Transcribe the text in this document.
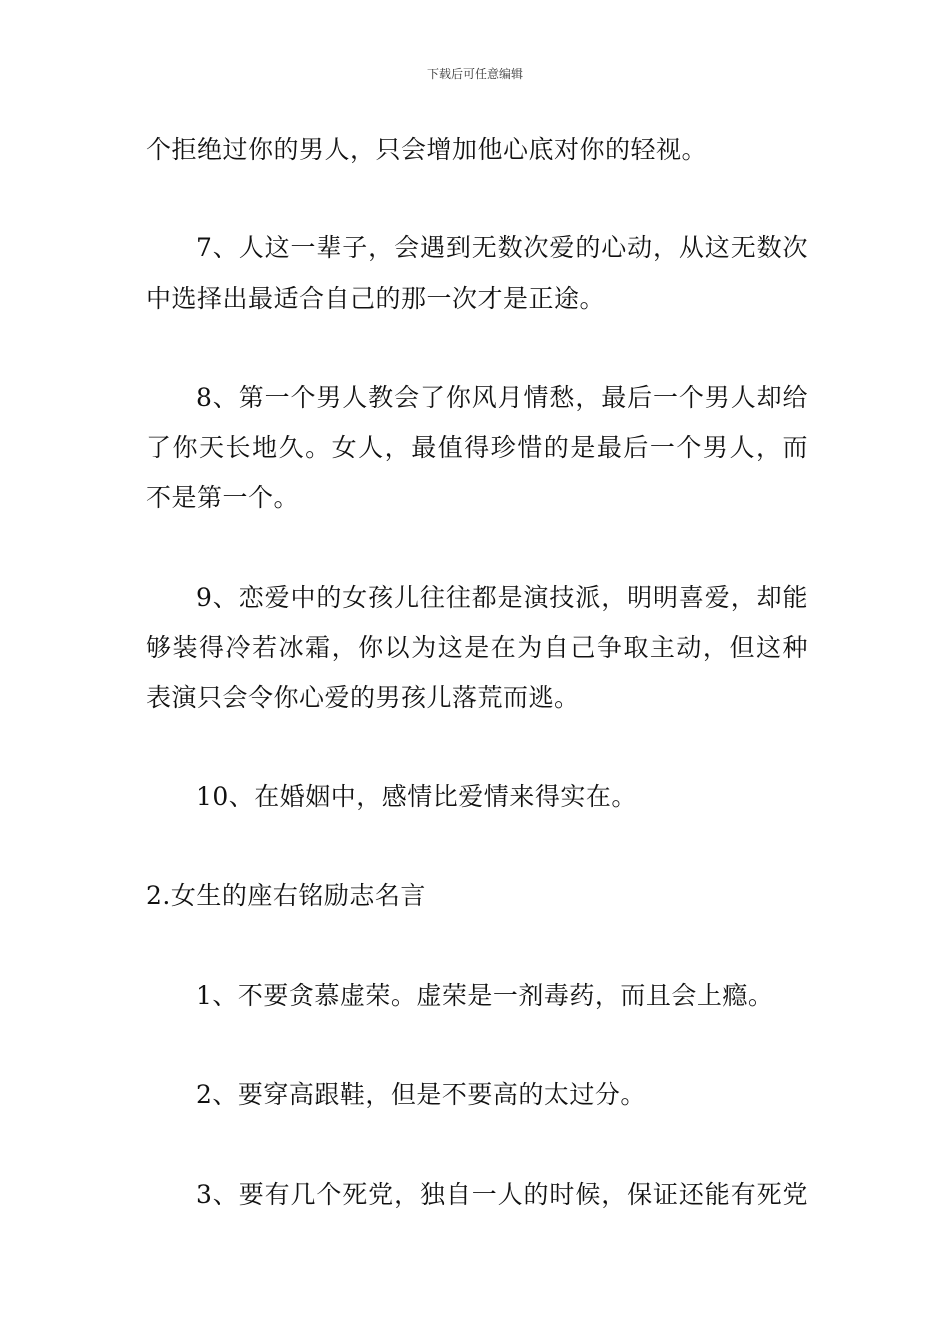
下载后可任意编辑
个拒绝过你的男人，只会增加他心底对你的轻视。
7、人这一辈子，会遇到无数次爱的心动，从这无数次
中选择出最适合自己的那一次才是正途。
8、第一个男人教会了你风月情愁，最后一个男人却给
了你天长地久。女人，最值得珍惜的是最后一个男人，而
不是第一个。
9、恋爱中的女孩儿往往都是演技派，明明喜爱，却能
够装得冷若冰霜，你以为这是在为自己争取主动，但这种
表演只会令你心爱的男孩儿落荒而逃。
10、在婚姻中，感情比爱情来得实在。
2.女生的座右铭励志名言
1、不要贪慕虚荣。虚荣是一剂毒药，而且会上瘾。
2、要穿高跟鞋，但是不要高的太过分。
3、要有几个死党，独自一人的时候，保证还能有死党
